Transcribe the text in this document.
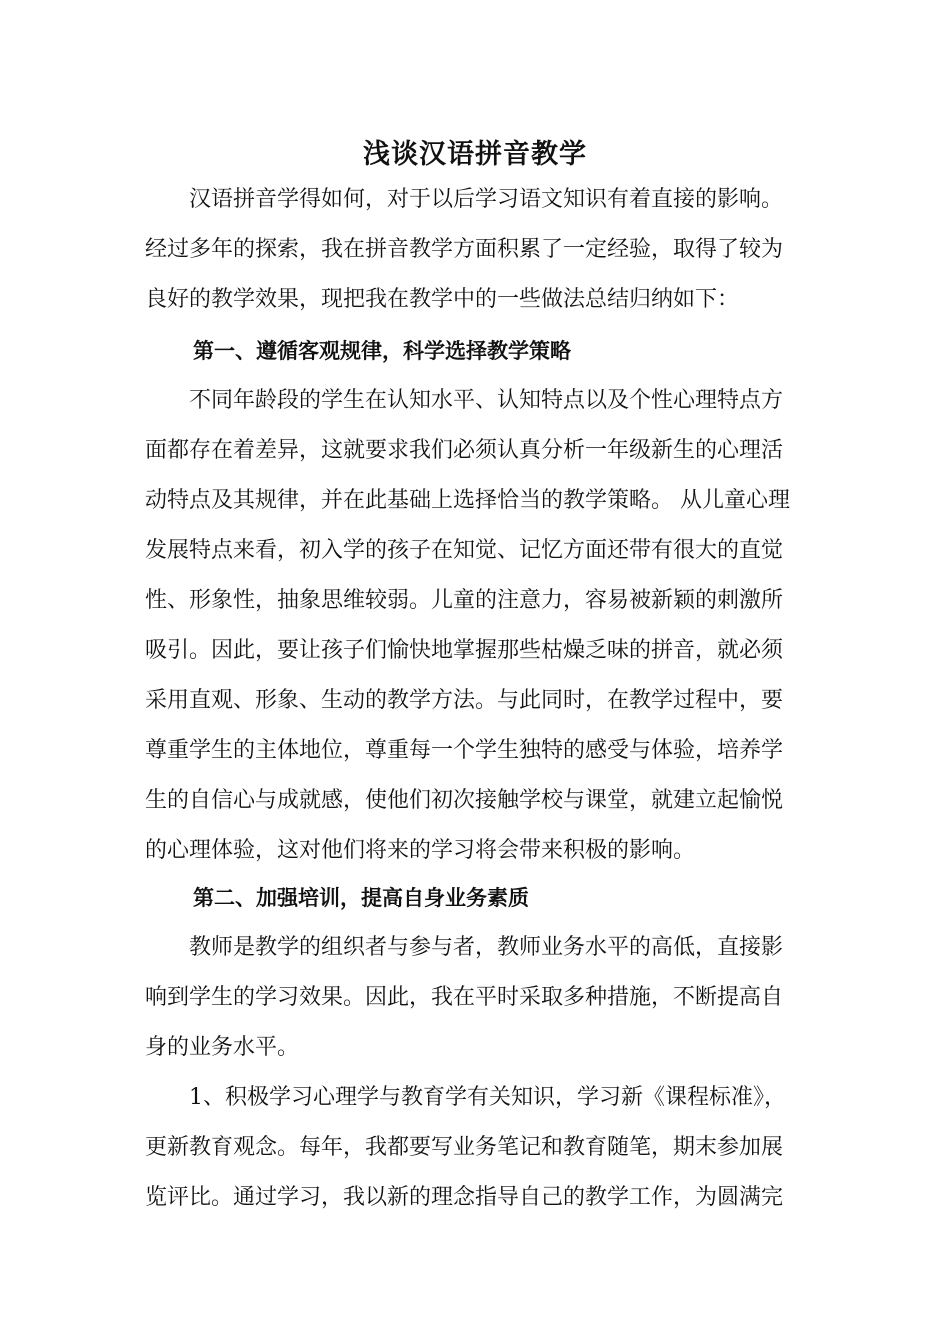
浅谈汉语拼音教学
汉语拼音学得如何，对于以后学习语文知识有着直接的影响。
经过多年的探索，我在拼音教学方面积累了一定经验，取得了较为
良好的教学效果，现把我在教学中的一些做法总结归纳如下：
第一、遵循客观规律，科学选择教学策略
不同年龄段的学生在认知水平、认知特点以及个性心理特点方
面都存在着差异，这就要求我们必须认真分析一年级新生的心理活
动特点及其规律，并在此基础上选择恰当的教学策略。 从儿童心理
发展特点来看，初入学的孩子在知觉、记忆方面还带有很大的直觉
性、形象性，抽象思维较弱。儿童的注意力，容易被新颖的刺激所
吸引。因此，要让孩子们愉快地掌握那些枯燥乏味的拼音，就必须
采用直观、形象、生动的教学方法。与此同时，在教学过程中，要
尊重学生的主体地位，尊重每一个学生独特的感受与体验，培养学
生的自信心与成就感，使他们初次接触学校与课堂，就建立起愉悦
的心理体验，这对他们将来的学习将会带来积极的影响。
第二、加强培训，提高自身业务素质
教师是教学的组织者与参与者，教师业务水平的高低，直接影
响到学生的学习效果。因此，我在平时采取多种措施，不断提高自
身的业务水平。
1、积极学习心理学与教育学有关知识，学习新《课程标准》，
更新教育观念。每年，我都要写业务笔记和教育随笔，期末参加展
览评比。通过学习，我以新的理念指导自己的教学工作，为圆满完
